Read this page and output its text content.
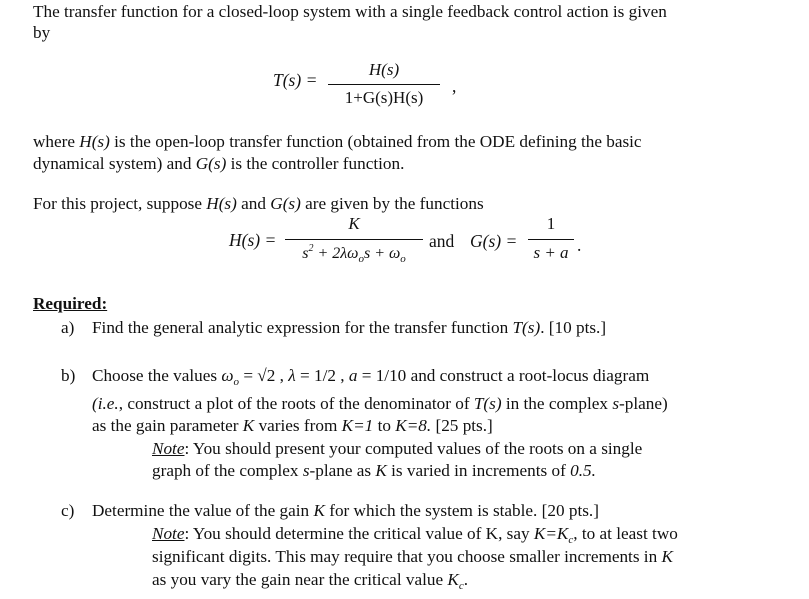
The transfer function for a closed-loop system with a single feedback control action is given
by
T(s) =
H(s)
1+G(s)H(s)
,
where H(s) is the open-loop transfer function (obtained from the ODE defining the basic
dynamical system) and G(s) is the controller function.
For this project, suppose H(s) and G(s) are given by the functions
H(s) =
K
$s^2 + 2\lambda\omega_os + \omega_o$
and G(s) =
1
s + a .
Required:
a) Find the general analytic expression for the transfer function T(s). [10 pts.]
b) Choose the values $\omega_o = √2$ , λ = 1/2 , a = 1/10 and construct a root-locus diagram
(i.e., construct a plot of the roots of the denominator of T(s) in the complex s-plane)
as the gain parameter K varies from K=1 to K=8. [25 pts.]
Note: You should present your computed values of the roots on a single
graph of the complex s-plane as K is varied in increments of 0.5.
c) Determine the value of the gain K for which the system is stable. [20 pts.]
Note: You should determine the critical value of K, say $K=K_c$, to at least two
significant digits. This may require that you choose smaller increments in K
as you vary the gain near the critical value $K_c$.
